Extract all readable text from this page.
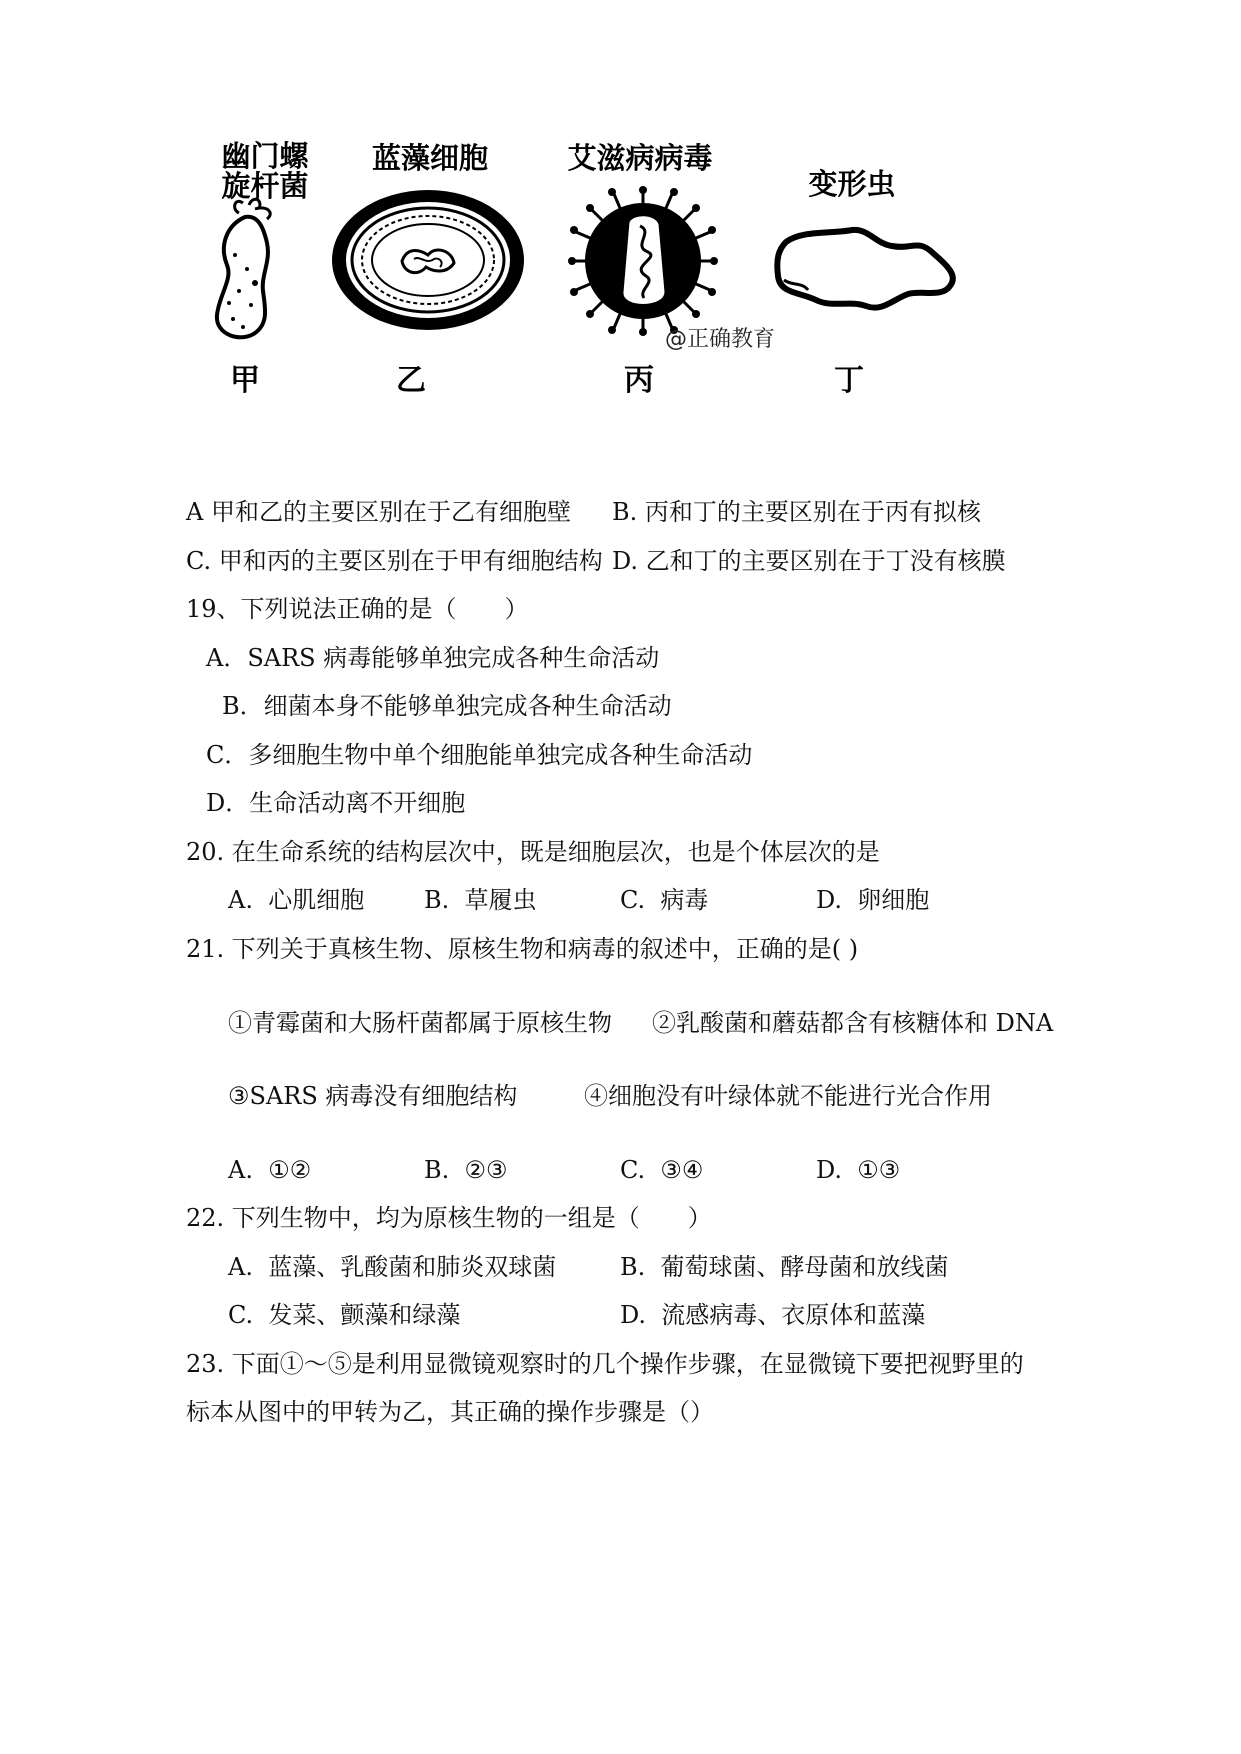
幽门螺
旋杆菌
甲
蓝藻细胞
乙
艾滋病病毒
@正确教育
丙
变形虫
丁
A 甲和乙的主要区别在于乙有细胞壁 B. 丙和丁的主要区别在于丙有拟核
C. 甲和丙的主要区别在于甲有细胞结构 D. 乙和丁的主要区别在于丁没有核膜
19、下列说法正确的是（　　）
A．SARS 病毒能够单独完成各种生命活动
B．细菌本身不能够单独完成各种生命活动
C．多细胞生物中单个细胞能单独完成各种生命活动
D．生命活动离不开细胞
20. 在生命系统的结构层次中，既是细胞层次，也是个体层次的是
A.  心肌细胞 B.  草履虫	C.  病毒	D.  卵细胞
21. 下列关于真核生物、原核生物和病毒的叙述中，正确的是( )
①青霉菌和大肠杆菌都属于原核生物 ②乳酸菌和蘑菇都含有核糖体和 DNA
③SARS 病毒没有细胞结构	④细胞没有叶绿体就不能进行光合作用
A.  ①②	B.  ②③	C.  ③④	D.  ①③
22. 下列生物中，均为原核生物的一组是（　　）
A.  蓝藻、乳酸菌和肺炎双球菌	B.  葡萄球菌、酵母菌和放线菌
C.  发菜、颤藻和绿藻	D.  流感病毒、衣原体和蓝藻
23. 下面①～⑤是利用显微镜观察时的几个操作步骤，在显微镜下要把视野里的
标本从图中的甲转为乙，其正确的操作步骤是（）
